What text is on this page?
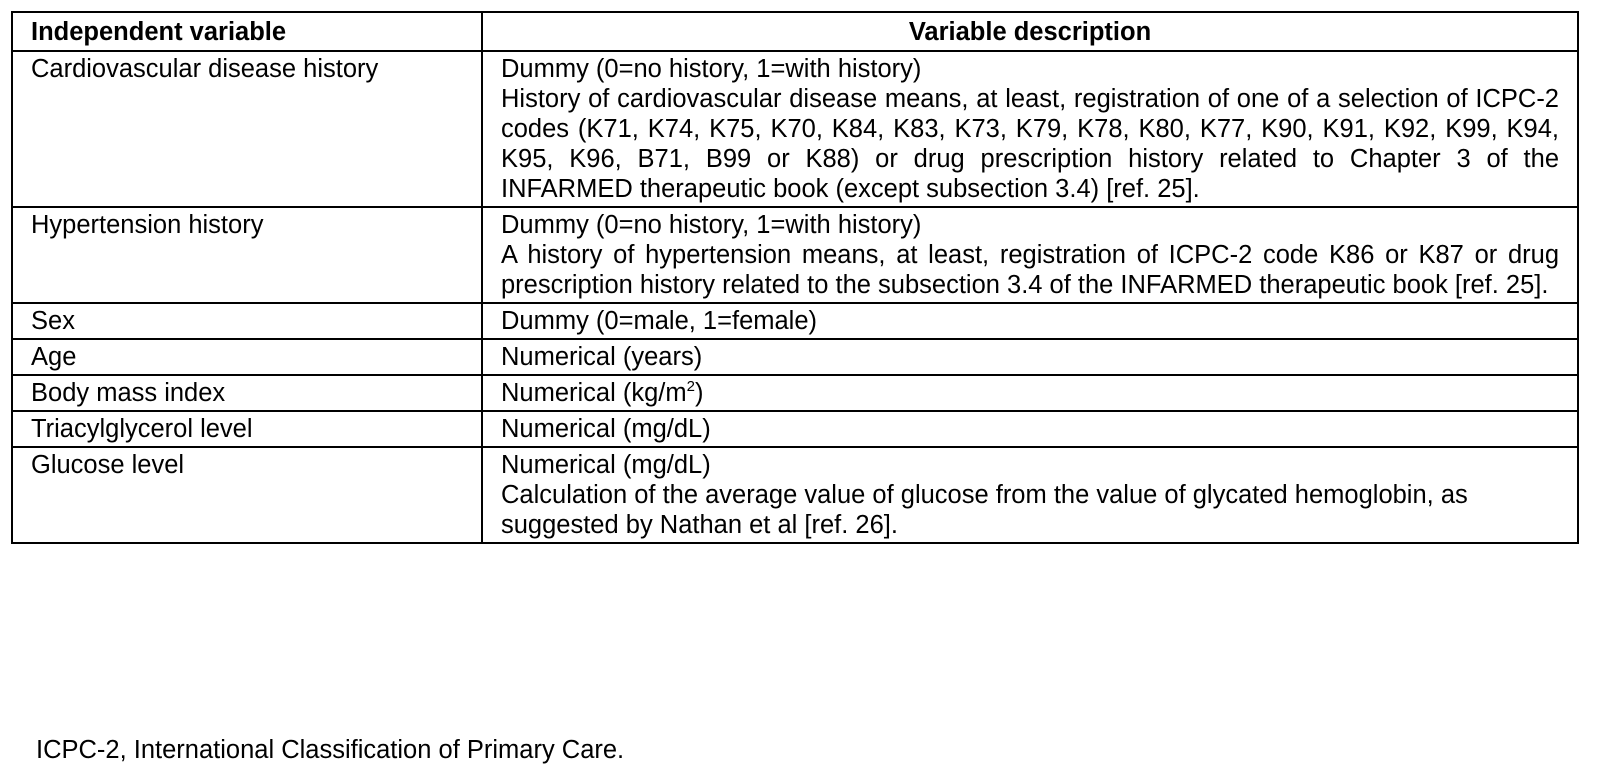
Independent variable	Variable description
Cardiovascular disease history	Dummy (0=no history, 1=with history)
History of cardiovascular disease means, at least, registration of one of a selection of ICPC-2 codes (K71, K74, K75, K70, K84, K83, K73, K79, K78, K80, K77, K90, K91, K92, K99, K94, K95, K96, B71, B99 or K88) or drug prescription history related to Chapter 3 of the INFARMED therapeutic book (except subsection 3.4) [ref. 25].

Hypertension history	Dummy (0=no history, 1=with history)
A history of hypertension means, at least, registration of ICPC-2 code K86 or K87 or drug prescription history related to the subsection 3.4 of the INFARMED therapeutic book [ref. 25].

Sex	Dummy (0=male, 1=female)

Age	Numerical (years)

Body mass index	Numerical $(kg/m^2)$

Triacylglycerol level	Numerical (mg/dL)

Glucose level	Numerical (mg/dL)
Calculation of the average value of glucose from the value of glycated hemoglobin, as suggested by Nathan et al [ref. 26].
ICPC-2, International Classification of Primary Care.
